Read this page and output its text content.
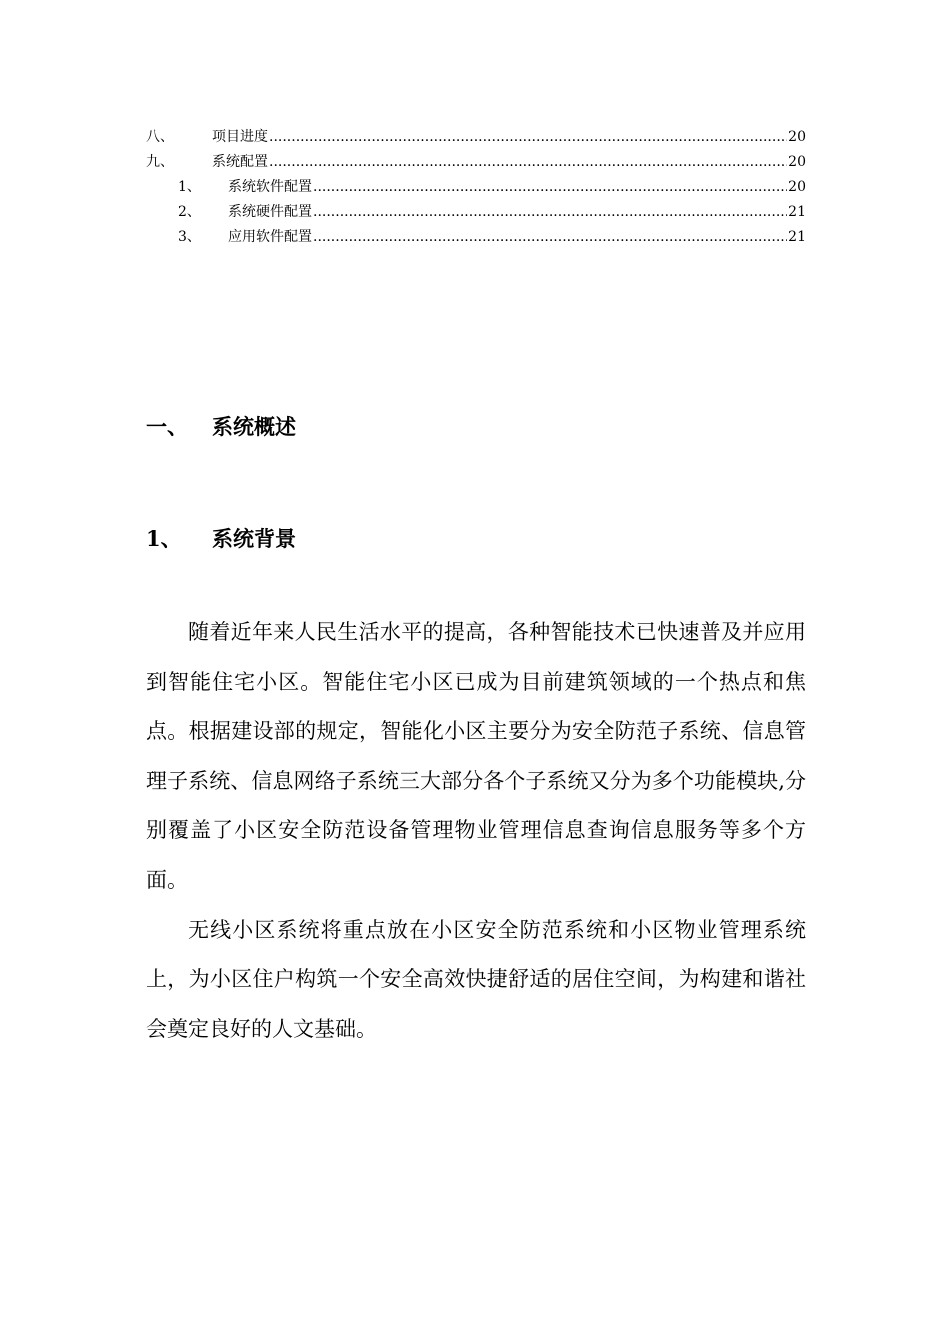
八、	项目进度 .....	20
九、	系统配置 .....	20
1、	系统软件配置 .....	20
2、	系统硬件配置 .....	21
3、	应用软件配置 .....	21
一、 系统概述
1、 系统背景

随着近年来人民生活水平的提高，各种智能技术已快速普及并应用到智能住宅小区。智能住宅小区已成为目前建筑领域的一个热点和焦点。根据建设部的规定，智能化小区主要分为安全防范子系统、信息管理子系统、信息网络子系统三大部分各个子系统又分为多个功能模块,分别覆盖了小区安全防范设备管理物业管理信息查询信息服务等多个方面。

无线小区系统将重点放在小区安全防范系统和小区物业管理系统上，为小区住户构筑一个安全高效快捷舒适的居住空间，为构建和谐社会奠定良好的人文基础。
